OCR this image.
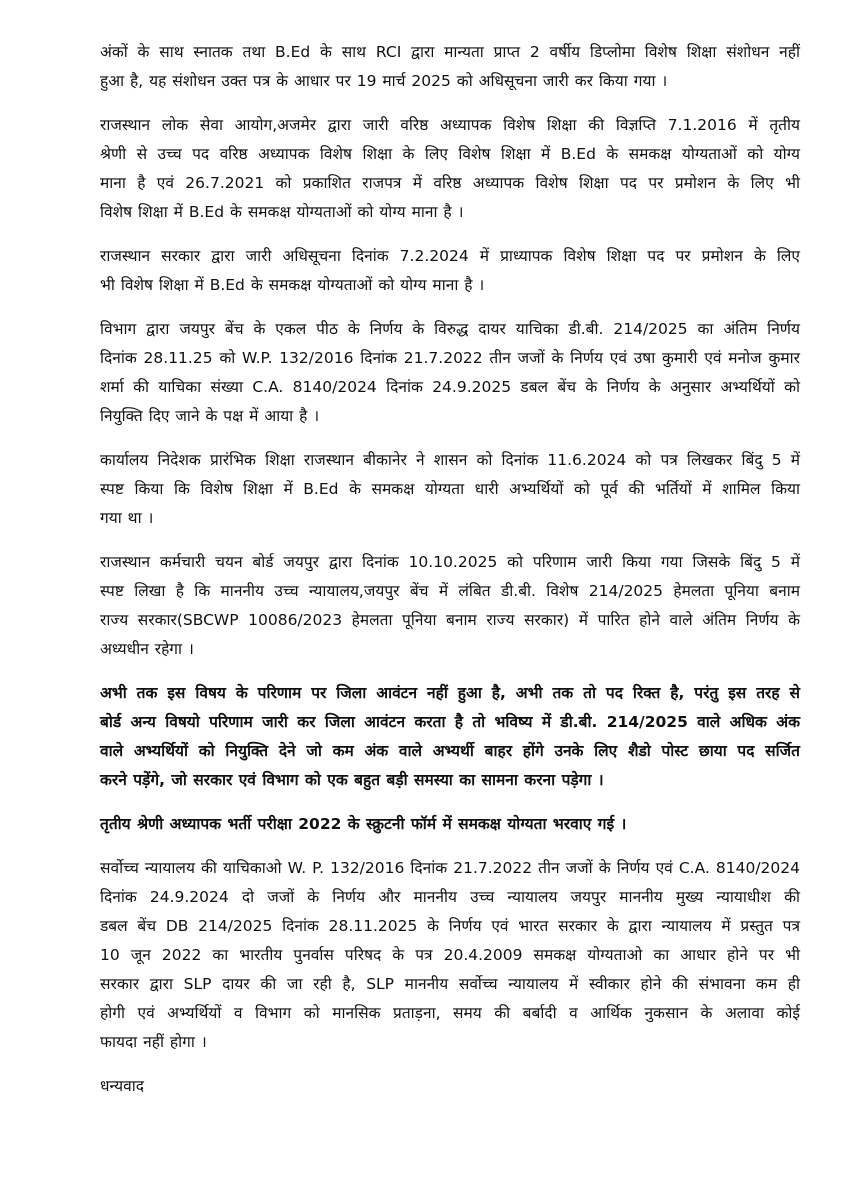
अंकों के साथ स्नातक तथा B.Ed के साथ RCI द्वारा मान्यता प्राप्त 2 वर्षीय डिप्लोमा विशेष शिक्षा संशोधन नहीं
हुआ है, यह संशोधन उक्त पत्र के आधार पर 19 मार्च 2025 को अधिसूचना जारी कर किया गया ।

राजस्थान लोक सेवा आयोग,अजमेर द्वारा जारी वरिष्ठ अध्यापक विशेष शिक्षा की विज्ञप्ति 7.1.2016 में तृतीय
श्रेणी से उच्च पद वरिष्ठ अध्यापक विशेष शिक्षा के लिए विशेष शिक्षा में B.Ed के समकक्ष योग्यताओं को योग्य
माना है एवं 26.7.2021 को प्रकाशित राजपत्र में वरिष्ठ अध्यापक विशेष शिक्षा पद पर प्रमोशन के लिए भी
विशेष शिक्षा में B.Ed के समकक्ष योग्यताओं को योग्य माना है ।

राजस्थान सरकार द्वारा जारी अधिसूचना दिनांक 7.2.2024 में प्राध्यापक विशेष शिक्षा पद पर प्रमोशन के लिए
भी विशेष शिक्षा में B.Ed के समकक्ष योग्यताओं को योग्य माना है ।

विभाग द्वारा जयपुर बेंच के एकल पीठ के निर्णय के विरुद्ध दायर याचिका डी.बी. 214/2025 का अंतिम निर्णय
दिनांक 28.11.25 को W.P. 132/2016 दिनांक 21.7.2022 तीन जजों के निर्णय एवं उषा कुमारी एवं मनोज कुमार
शर्मा की याचिका संख्या C.A. 8140/2024 दिनांक 24.9.2025 डबल बेंच के निर्णय के अनुसार अभ्यर्थियों को
नियुक्ति दिए जाने के पक्ष में आया है ।

कार्यालय निदेशक प्रारंभिक शिक्षा राजस्थान बीकानेर ने शासन को दिनांक 11.6.2024 को पत्र लिखकर बिंदु 5 में
स्पष्ट किया कि विशेष शिक्षा में B.Ed के समकक्ष योग्यता धारी अभ्यर्थियों को पूर्व की भर्तियों में शामिल किया
गया था ।

राजस्थान कर्मचारी चयन बोर्ड जयपुर द्वारा दिनांक 10.10.2025 को परिणाम जारी किया गया जिसके बिंदु 5 में
स्पष्ट लिखा है कि माननीय उच्च न्यायालय,जयपुर बेंच में लंबित डी.बी. विशेष 214/2025 हेमलता पूनिया बनाम
राज्य सरकार(SBCWP 10086/2023 हेमलता पूनिया बनाम राज्य सरकार) में पारित होने वाले अंतिम निर्णय के
अध्यधीन रहेगा ।

अभी तक इस विषय के परिणाम पर जिला आवंटन नहीं हुआ है, अभी तक तो पद रिक्त है, परंतु इस तरह से
बोर्ड अन्य विषयो परिणाम जारी कर जिला आवंटन करता है तो भविष्य में डी.बी. 214/2025 वाले अधिक अंक
वाले अभ्यर्थियों को नियुक्ति देने जो कम अंक वाले अभ्यर्थी बाहर होंगे उनके लिए शैडो पोस्ट छाया पद सर्जित
करने पड़ेंगे, जो सरकार एवं विभाग को एक बहुत बड़ी समस्या का सामना करना पड़ेगा ।

तृतीय श्रेणी अध्यापक भर्ती परीक्षा 2022 के स्क्रुटनी फॉर्म में समकक्ष योग्यता भरवाए गई ।

सर्वोच्च न्यायालय की याचिकाओ W. P. 132/2016 दिनांक 21.7.2022 तीन जजों के निर्णय एवं C.A. 8140/2024
दिनांक 24.9.2024 दो जजों के निर्णय और माननीय उच्च न्यायालय जयपुर माननीय मुख्य न्यायाधीश की
डबल बेंच DB 214/2025 दिनांक 28.11.2025 के निर्णय एवं भारत सरकार के द्वारा न्यायालय में प्रस्तुत पत्र
10 जून 2022 का भारतीय पुनर्वास परिषद के पत्र 20.4.2009 समकक्ष योग्यताओ का आधार होने पर भी
सरकार द्वारा SLP दायर की जा रही है, SLP माननीय सर्वोच्च न्यायालय में स्वीकार होने की संभावना कम ही
होगी एवं अभ्यर्थियों व विभाग को मानसिक प्रताड़ना, समय की बर्बादी व आर्थिक नुकसान के अलावा कोई
फायदा नहीं होगा ।

धन्यवाद
